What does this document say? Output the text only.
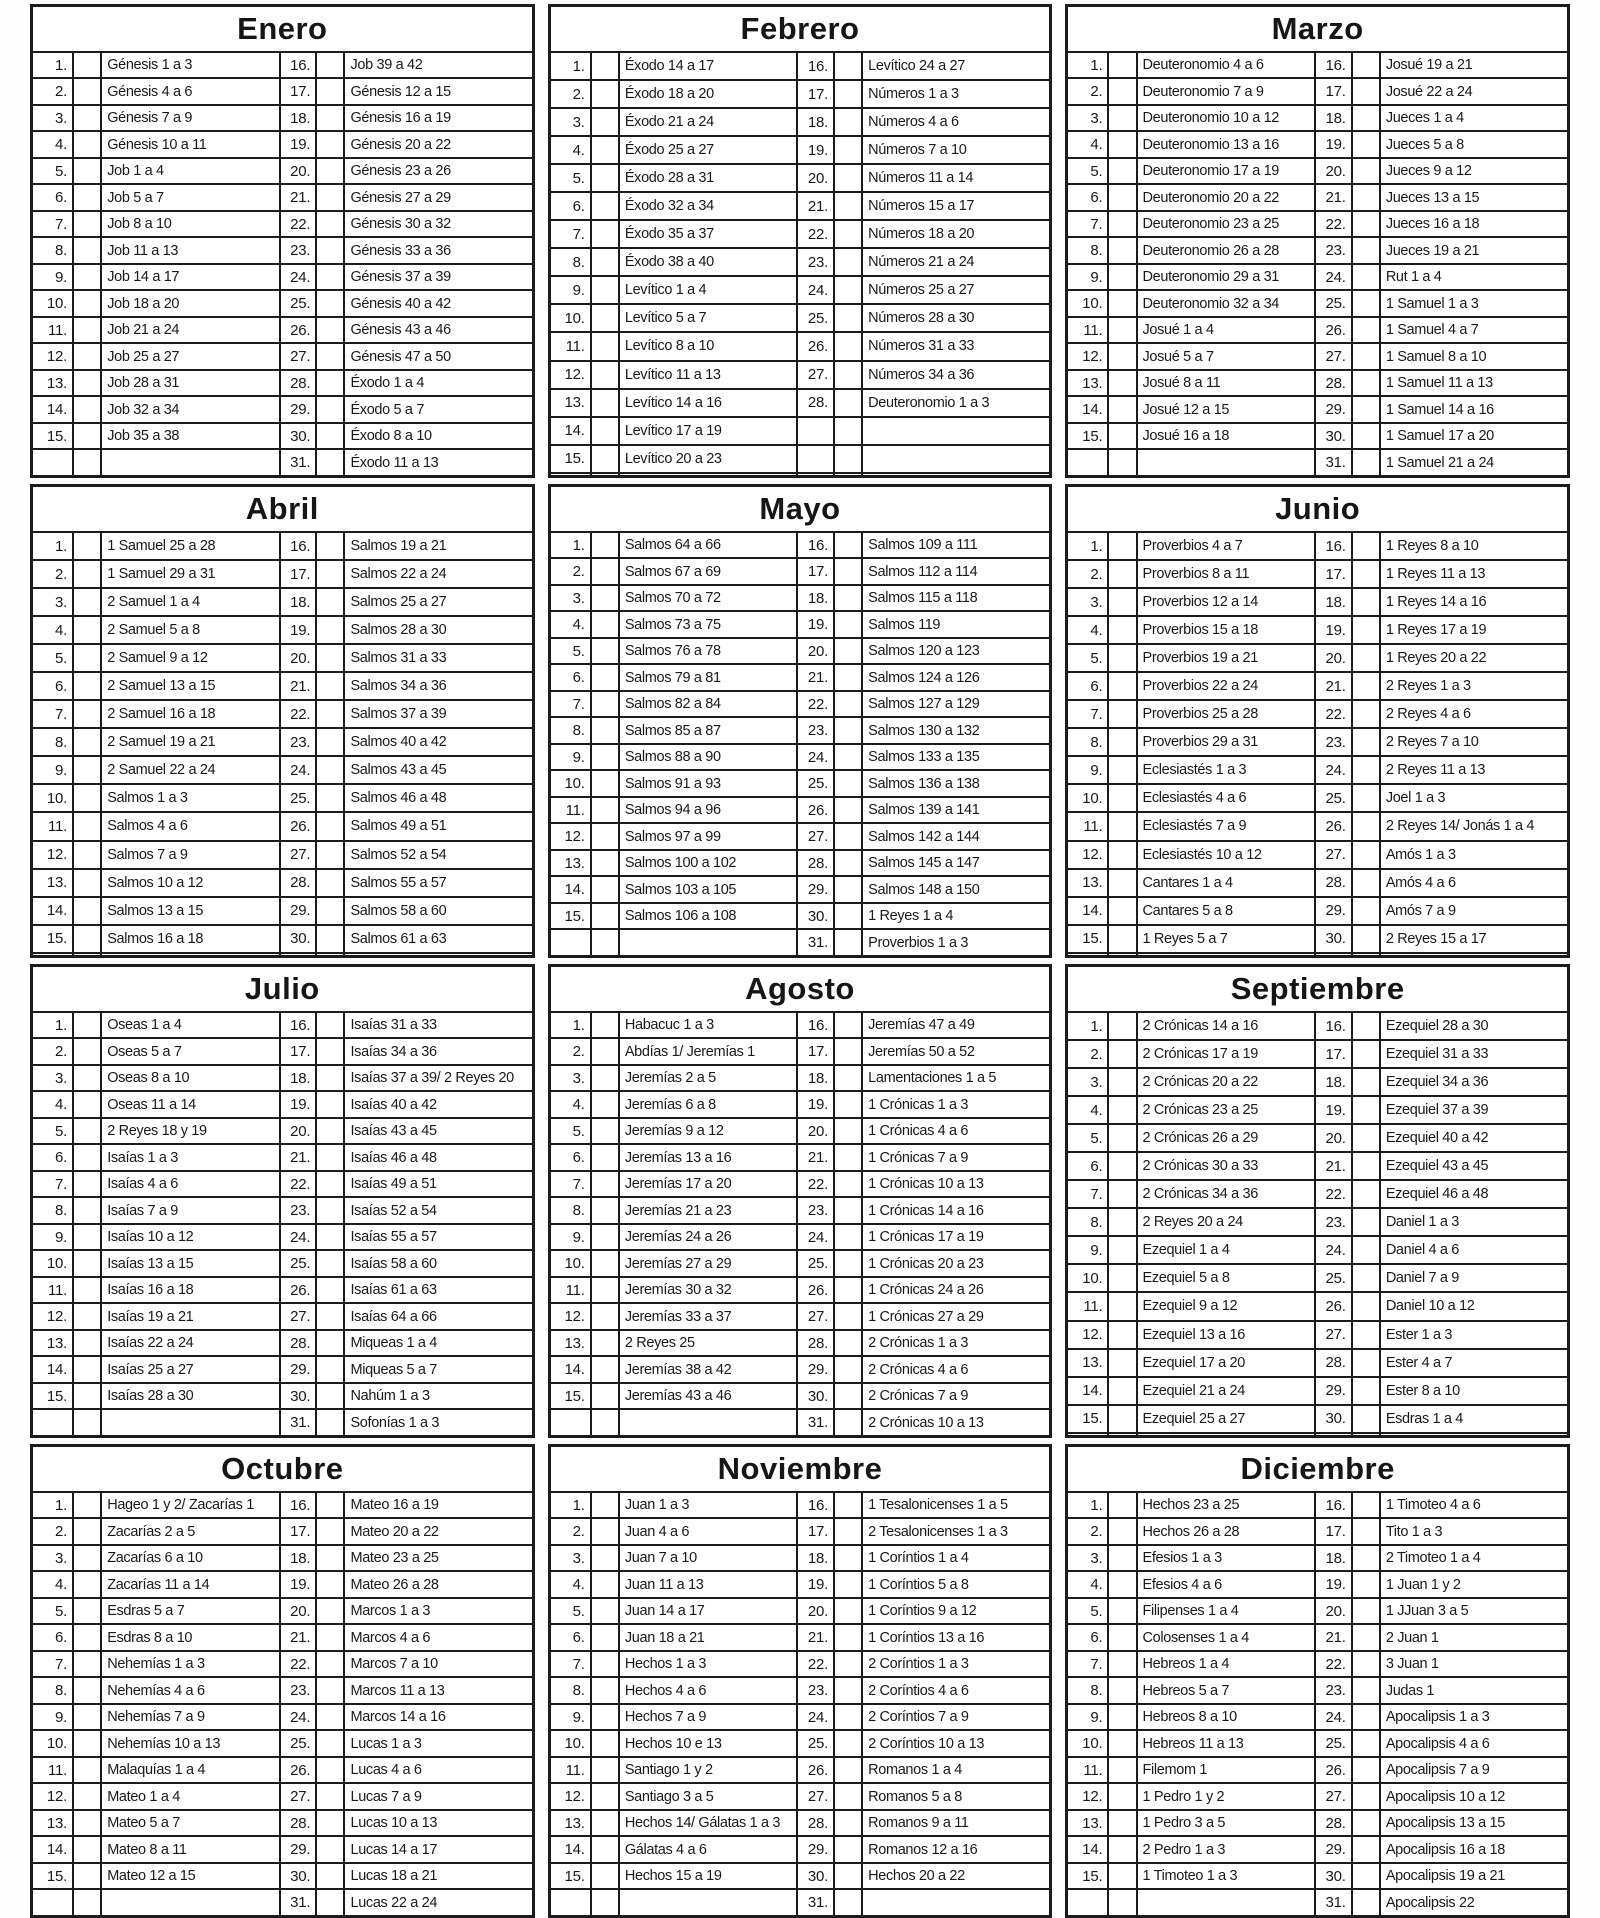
Enero					
1.		Génesis 1 a 3	16.		Job 39 a 42
2.		Génesis 4 a 6	17.		Génesis 12 a 15
3.		Génesis 7 a 9	18.		Génesis 16 a 19
4.		Génesis 10 a 11	19.		Génesis 20 a 22
5.		Job 1 a 4	20.		Génesis 23 a 26
6.		Job 5 a 7	21.		Génesis 27 a 29
7.		Job 8 a 10	22.		Génesis 30 a 32
8.		Job 11 a 13	23.		Génesis 33 a 36
9.		Job 14 a 17	24.		Génesis 37 a 39
10.		Job 18 a 20	25.		Génesis 40 a 42
11.		Job 21 a 24	26.		Génesis 43 a 46
12.		Job 25 a 27	27.		Génesis 47 a 50
13.		Job 28 a 31	28.		Éxodo 1 a 4
14.		Job 32 a 34	29.		Éxodo 5 a 7
15.		Job 35 a 38	30.		Éxodo 8 a 10
			31.		Éxodo 11 a 13
Febrero					
1.		Éxodo 14 a 17	16.		Levítico 24 a 27
2.		Éxodo 18 a 20	17.		Números 1 a 3
3.		Éxodo 21 a 24	18.		Números 4 a 6
4.		Éxodo 25 a 27	19.		Números 7 a 10
5.		Éxodo 28 a 31	20.		Números 11 a 14
6.		Éxodo 32 a 34	21.		Números 15 a 17
7.		Éxodo 35 a 37	22.		Números 18 a 20
8.		Éxodo 38 a 40	23.		Números 21 a 24
9.		Levítico 1 a 4	24.		Números 25 a 27
10.		Levítico 5 a 7	25.		Números 28 a 30
11.		Levítico 8 a 10	26.		Números 31 a 33
12.		Levítico 11 a 13	27.		Números 34 a 36
13.		Levítico 14 a 16	28.		Deuteronomio 1 a 3
14.		Levítico 17 a 19			
15.		Levítico 20 a 23			

Marzo					
1.		Deuteronomio 4 a 6	16.		Josué 19 a 21
2.		Deuteronomio 7 a 9	17.		Josué 22 a 24
3.		Deuteronomio 10 a 12	18.		Jueces 1 a 4
4.		Deuteronomio 13 a 16	19.		Jueces 5 a 8
5.		Deuteronomio 17 a 19	20.		Jueces 9 a 12
6.		Deuteronomio 20 a 22	21.		Jueces 13 a 15
7.		Deuteronomio 23 a 25	22.		Jueces 16 a 18
8.		Deuteronomio 26 a 28	23.		Jueces 19 a 21
9.		Deuteronomio 29 a 31	24.		Rut 1 a 4
10.		Deuteronomio 32 a 34	25.		1 Samuel 1 a 3
11.		Josué 1 a 4	26.		1 Samuel 4 a 7
12.		Josué 5 a 7	27.		1 Samuel 8 a 10
13.		Josué 8 a 11	28.		1 Samuel 11 a 13
14.		Josué 12 a 15	29.		1 Samuel 14 a 16
15.		Josué 16 a 18	30.		1 Samuel 17 a 20
			31.		1 Samuel 21 a 24
Abril					
1.		1 Samuel 25 a 28	16.		Salmos 19 a 21
2.		1 Samuel 29 a 31	17.		Salmos 22 a 24
3.		2 Samuel 1 a 4	18.		Salmos 25 a 27
4.		2 Samuel 5 a 8	19.		Salmos 28 a 30
5.		2 Samuel 9 a 12	20.		Salmos 31 a 33
6.		2 Samuel 13 a 15	21.		Salmos 34 a 36
7.		2 Samuel 16 a 18	22.		Salmos 37 a 39
8.		2 Samuel 19 a 21	23.		Salmos 40 a 42
9.		2 Samuel 22 a 24	24.		Salmos 43 a 45
10.		Salmos 1 a 3	25.		Salmos 46 a 48
11.		Salmos 4 a 6	26.		Salmos 49 a 51
12.		Salmos 7 a 9	27.		Salmos 52 a 54
13.		Salmos 10 a 12	28.		Salmos 55 a 57
14.		Salmos 13 a 15	29.		Salmos 58 a 60
15.		Salmos 16 a 18	30.		Salmos 61 a 63

Mayo					
1.		Salmos 64 a 66	16.		Salmos 109 a 111
2.		Salmos 67 a 69	17.		Salmos 112 a 114
3.		Salmos 70 a 72	18.		Salmos 115 a 118
4.		Salmos 73 a 75	19.		Salmos 119
5.		Salmos 76 a 78	20.		Salmos 120 a 123
6.		Salmos 79 a 81	21.		Salmos 124 a 126
7.		Salmos 82 a 84	22.		Salmos 127 a 129
8.		Salmos 85 a 87	23.		Salmos 130 a 132
9.		Salmos 88 a 90	24.		Salmos 133 a 135
10.		Salmos 91 a 93	25.		Salmos 136 a 138
11.		Salmos 94 a 96	26.		Salmos 139 a 141
12.		Salmos 97 a 99	27.		Salmos 142 a 144
13.		Salmos 100 a 102	28.		Salmos 145 a 147
14.		Salmos 103 a 105	29.		Salmos 148 a 150
15.		Salmos 106 a 108	30.		1 Reyes 1 a 4
			31.		Proverbios 1 a 3
Junio					
1.		Proverbios 4 a 7	16.		1 Reyes 8 a 10
2.		Proverbios 8 a 11	17.		1 Reyes 11 a 13
3.		Proverbios 12 a 14	18.		1 Reyes 14 a 16
4.		Proverbios 15 a 18	19.		1 Reyes 17 a 19
5.		Proverbios 19 a 21	20.		1 Reyes 20 a 22
6.		Proverbios 22 a 24	21.		2 Reyes 1 a 3
7.		Proverbios 25 a 28	22.		2 Reyes 4 a 6
8.		Proverbios 29 a 31	23.		2 Reyes 7 a 10
9.		Eclesiastés 1 a 3	24.		2 Reyes 11 a 13
10.		Eclesiastés 4 a 6	25.		Joel 1 a 3
11.		Eclesiastés 7 a 9	26.		2 Reyes 14/ Jonás 1 a 4
12.		Eclesiastés 10 a 12	27.		Amós 1 a 3
13.		Cantares 1 a 4	28.		Amós 4 a 6
14.		Cantares 5 a 8	29.		Amós 7 a 9
15.		1 Reyes 5 a 7	30.		2 Reyes 15 a 17

Julio					
1.		Oseas 1 a 4	16.		Isaías 31 a 33
2.		Oseas 5 a 7	17.		Isaías 34 a 36
3.		Oseas 8 a 10	18.		Isaías 37 a 39/ 2 Reyes 20
4.		Oseas 11 a 14	19.		Isaías 40 a 42
5.		2 Reyes 18 y 19	20.		Isaías 43 a 45
6.		Isaías 1 a 3	21.		Isaías 46 a 48
7.		Isaías 4 a 6	22.		Isaías 49 a 51
8.		Isaías 7 a 9	23.		Isaías 52 a 54
9.		Isaías 10 a 12	24.		Isaías 55 a 57
10.		Isaías 13 a 15	25.		Isaías 58 a 60
11.		Isaías 16 a 18	26.		Isaías 61 a 63
12.		Isaías 19 a 21	27.		Isaías 64 a 66
13.		Isaías 22 a 24	28.		Miqueas 1 a 4
14.		Isaías 25 a 27	29.		Miqueas 5 a 7
15.		Isaías 28 a 30	30.		Nahúm 1 a 3
			31.		Sofonías 1 a 3
Agosto					
1.		Habacuc 1 a 3	16.		Jeremías 47 a 49
2.		Abdías 1/ Jeremías 1	17.		Jeremías 50 a 52
3.		Jeremías 2 a 5	18.		Lamentaciones 1 a 5
4.		Jeremías 6 a 8	19.		1 Crónicas 1 a 3
5.		Jeremías 9 a 12	20.		1 Crónicas 4 a 6
6.		Jeremías 13 a 16	21.		1 Crónicas 7 a 9
7.		Jeremías 17 a 20	22.		1 Crónicas 10 a 13
8.		Jeremías 21 a 23	23.		1 Crónicas 14 a 16
9.		Jeremías 24 a 26	24.		1 Crónicas 17 a 19
10.		Jeremías 27 a 29	25.		1 Crónicas 20 a 23
11.		Jeremías 30 a 32	26.		1 Crónicas 24 a 26
12.		Jeremías 33 a 37	27.		1 Crónicas 27 a 29
13.		2 Reyes 25	28.		2 Crónicas 1 a 3
14.		Jeremías 38 a 42	29.		2 Crónicas 4 a 6
15.		Jeremías 43 a 46	30.		2 Crónicas 7 a 9
			31.		2 Crónicas 10 a 13
Septiembre					
1.		2 Crónicas 14 a 16	16.		Ezequiel 28 a 30
2.		2 Crónicas 17 a 19	17.		Ezequiel 31 a 33
3.		2 Crónicas 20 a 22	18.		Ezequiel 34 a 36
4.		2 Crónicas 23 a 25	19.		Ezequiel 37 a 39
5.		2 Crónicas 26 a 29	20.		Ezequiel 40 a 42
6.		2 Crónicas 30 a 33	21.		Ezequiel 43 a 45
7.		2 Crónicas 34 a 36	22.		Ezequiel 46 a 48
8.		2 Reyes 20 a 24	23.		Daniel 1 a 3
9.		Ezequiel 1 a 4	24.		Daniel 4 a 6
10.		Ezequiel 5 a 8	25.		Daniel 7 a 9
11.		Ezequiel 9 a 12	26.		Daniel 10 a 12
12.		Ezequiel 13 a 16	27.		Ester 1 a 3
13.		Ezequiel 17 a 20	28.		Ester 4 a 7
14.		Ezequiel 21 a 24	29.		Ester 8 a 10
15.		Ezequiel 25 a 27	30.		Esdras 1 a 4

Octubre					
1.		Hageo 1 y 2/ Zacarías 1	16.		Mateo 16 a 19
2.		Zacarías 2 a 5	17.		Mateo 20 a 22
3.		Zacarías 6 a 10	18.		Mateo 23 a 25
4.		Zacarías 11 a 14	19.		Mateo 26 a 28
5.		Esdras 5 a 7	20.		Marcos 1 a 3
6.		Esdras 8 a 10	21.		Marcos 4 a 6
7.		Nehemías 1 a 3	22.		Marcos 7 a 10
8.		Nehemías 4 a 6	23.		Marcos 11 a 13
9.		Nehemías 7 a 9	24.		Marcos 14 a 16
10.		Nehemías 10 a 13	25.		Lucas 1 a 3
11.		Malaquías 1 a 4	26.		Lucas 4 a 6
12.		Mateo 1 a 4	27.		Lucas 7 a 9
13.		Mateo 5 a 7	28.		Lucas 10 a 13
14.		Mateo 8 a 11	29.		Lucas 14 a 17
15.		Mateo 12 a 15	30.		Lucas 18 a 21
			31.		Lucas 22 a 24
Noviembre					
1.		Juan 1 a 3	16.		1 Tesalonicenses 1 a 5
2.		Juan 4 a 6	17.		2 Tesalonicenses 1 a 3
3.		Juan 7 a 10	18.		1 Coríntios 1 a 4
4.		Juan 11 a 13	19.		1 Coríntios 5 a 8
5.		Juan 14 a 17	20.		1 Coríntios 9 a 12
6.		Juan 18 a 21	21.		1 Coríntios 13 a 16
7.		Hechos 1 a 3	22.		2 Coríntios 1 a 3
8.		Hechos 4 a 6	23.		2 Coríntios 4 a 6
9.		Hechos 7 a 9	24.		2 Coríntios 7 a 9
10.		Hechos 10 e 13	25.		2 Coríntios 10 a 13
11.		Santiago 1 y 2	26.		Romanos 1 a 4
12.		Santiago 3 a 5	27.		Romanos 5 a 8
13.		Hechos 14/ Gálatas 1 a 3	28.		Romanos 9 a 11
14.		Gálatas 4 a 6	29.		Romanos 12 a 16
15.		Hechos 15 a 19	30.		Hechos 20 a 22
			31.		
Diciembre					
1.		Hechos 23 a 25	16.		1 Timoteo 4 a 6
2.		Hechos 26 a 28	17.		Tito 1 a 3
3.		Efesios 1 a 3	18.		2 Timoteo 1 a 4
4.		Efesios 4 a 6	19.		1 Juan 1 y 2
5.		Filipenses 1 a 4	20.		1 JJuan 3 a 5
6.		Colosenses 1 a 4	21.		2 Juan 1
7.		Hebreos 1 a 4	22.		3 Juan 1
8.		Hebreos 5 a 7	23.		Judas 1
9.		Hebreos 8 a 10	24.		Apocalipsis 1 a 3
10.		Hebreos 11 a 13	25.		Apocalipsis 4 a 6
11.		Filemom 1	26.		Apocalipsis 7 a 9
12.		1 Pedro 1 y 2	27.		Apocalipsis 10 a 12
13.		1 Pedro 3 a 5	28.		Apocalipsis 13 a 15
14.		2 Pedro 1 a 3	29.		Apocalipsis 16 a 18
15.		1 Timoteo 1 a 3	30.		Apocalipsis 19 a 21
			31.		Apocalipsis 22
